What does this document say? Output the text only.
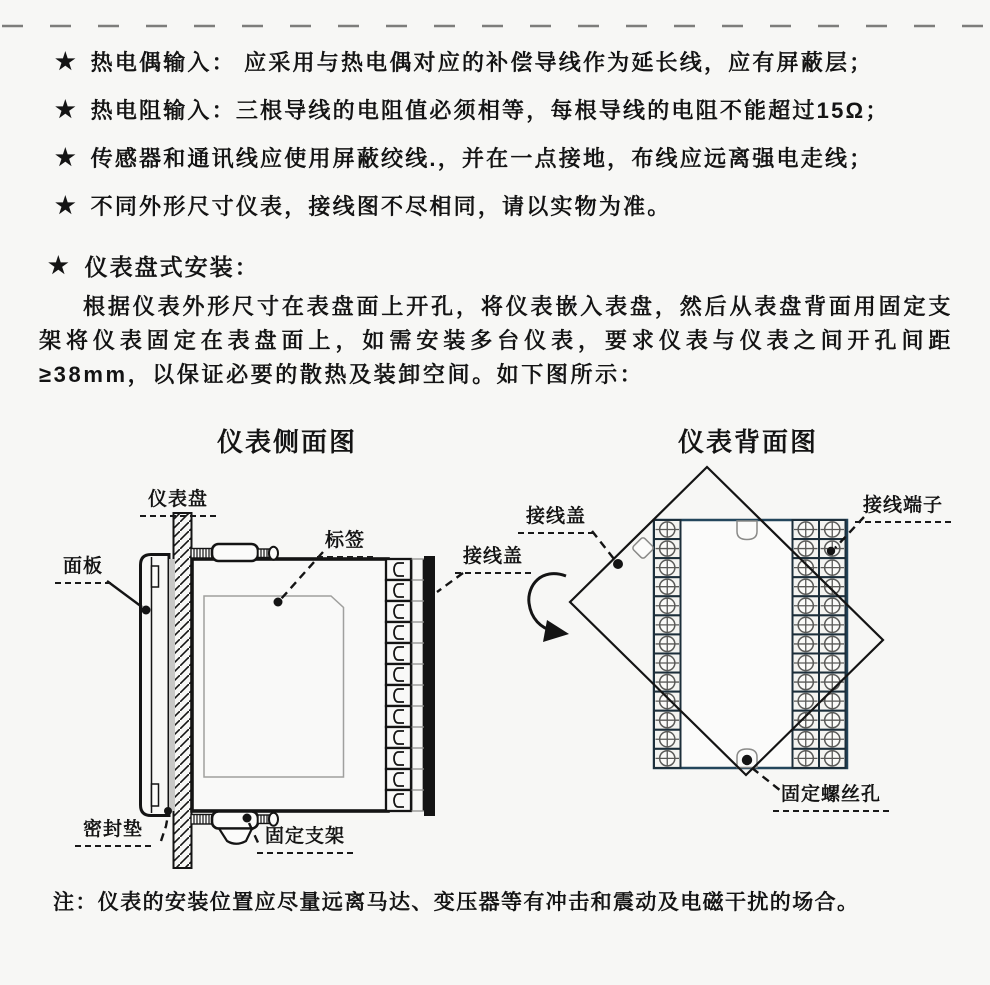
★ 热电偶输入： 应采用与热电偶对应的补偿导线作为延长线，应有屏蔽层；
★ 热电阻输入：三根导线的电阻值必须相等，每根导线的电阻不能超过15Ω；
★ 传感器和通讯线应使用屏蔽绞线.，并在一点接地，布线应远离强电走线；
★ 不同外形尺寸仪表，接线图不尽相同，请以实物为准。
★ 仪表盘式安装：
根据仪表外形尺寸在表盘面上开孔，将仪表嵌入表盘，然后从表盘背面用固定支架将仪表固定在表盘面上，如需安装多台仪表，要求仪表与仪表之间开孔间距≥38mm，以保证必要的散热及装卸空间。如下图所示：
仪表侧面图	仪表背面图
仪表盘
面板
标签
接线盖
密封垫	固定支架
接线盖
接线端子
固定螺丝孔
注：仪表的安装位置应尽量远离马达、变压器等有冲击和震动及电磁干扰的场合。
